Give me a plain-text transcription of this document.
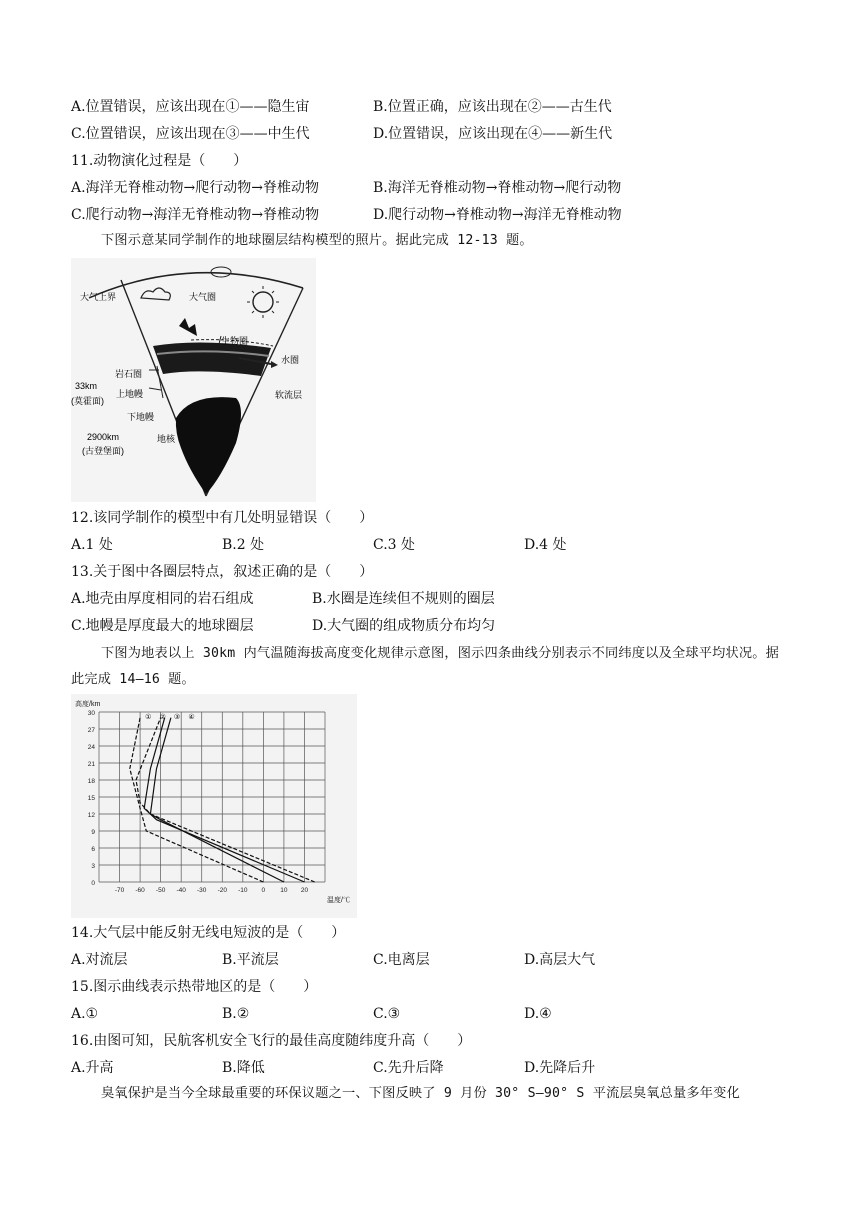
A.位置错误，应该出现在①——隐生宙	B.位置正确，应该出现在②——古生代
C.位置错误，应该出现在③——中生代	D.位置错误，应该出现在④——新生代
11.动物演化过程是（　　）
A.海洋无脊椎动物→爬行动物→脊椎动物	B.海洋无脊椎动物→脊椎动物→爬行动物
C.爬行动物→海洋无脊椎动物→脊椎动物	D.爬行动物→脊椎动物→海洋无脊椎动物
下图示意某同学制作的地球圈层结构模型的照片。据此完成 12-13 题。
大气上界	大气圈
生物圈
水圈
岩石圈
软流层
33km
(莫霍面)
上地幔
下地幔
2900km
(古登堡面)
地核
12.该同学制作的模型中有几处明显错误（　　）
A.1 处	B.2 处	C.3 处	D.4 处
13.关于图中各圈层特点，叙述正确的是（　　）
A.地壳由厚度相同的岩石组成	B.水圈是连续但不规则的圈层
C.地幔是厚度最大的地球圈层	D.大气圈的组成物质分布均匀
下图为地表以上 30km 内气温随海拔高度变化规律示意图，图示四条曲线分别表示不同纬度以及全球平均状况。据此完成 14—16 题。
30
27
24
21
18
15
12
9
6
3
0
-70 -60 -50 -40 -30 -20 -10 0 10 20
高度/km
温度/℃
① ② ③ ④
14.大气层中能反射无线电短波的是（　　）
A.对流层	B.平流层	C.电离层	D.高层大气
15.图示曲线表示热带地区的是（　　）
A.①	B.②	C.③	D.④
16.由图可知，民航客机安全飞行的最佳高度随纬度升高（　　）
A.升高	B.降低	C.先升后降	D.先降后升
臭氧保护是当今全球最重要的环保议题之一、下图反映了 9 月份 30° S—90° S 平流层臭氧总量多年变化
